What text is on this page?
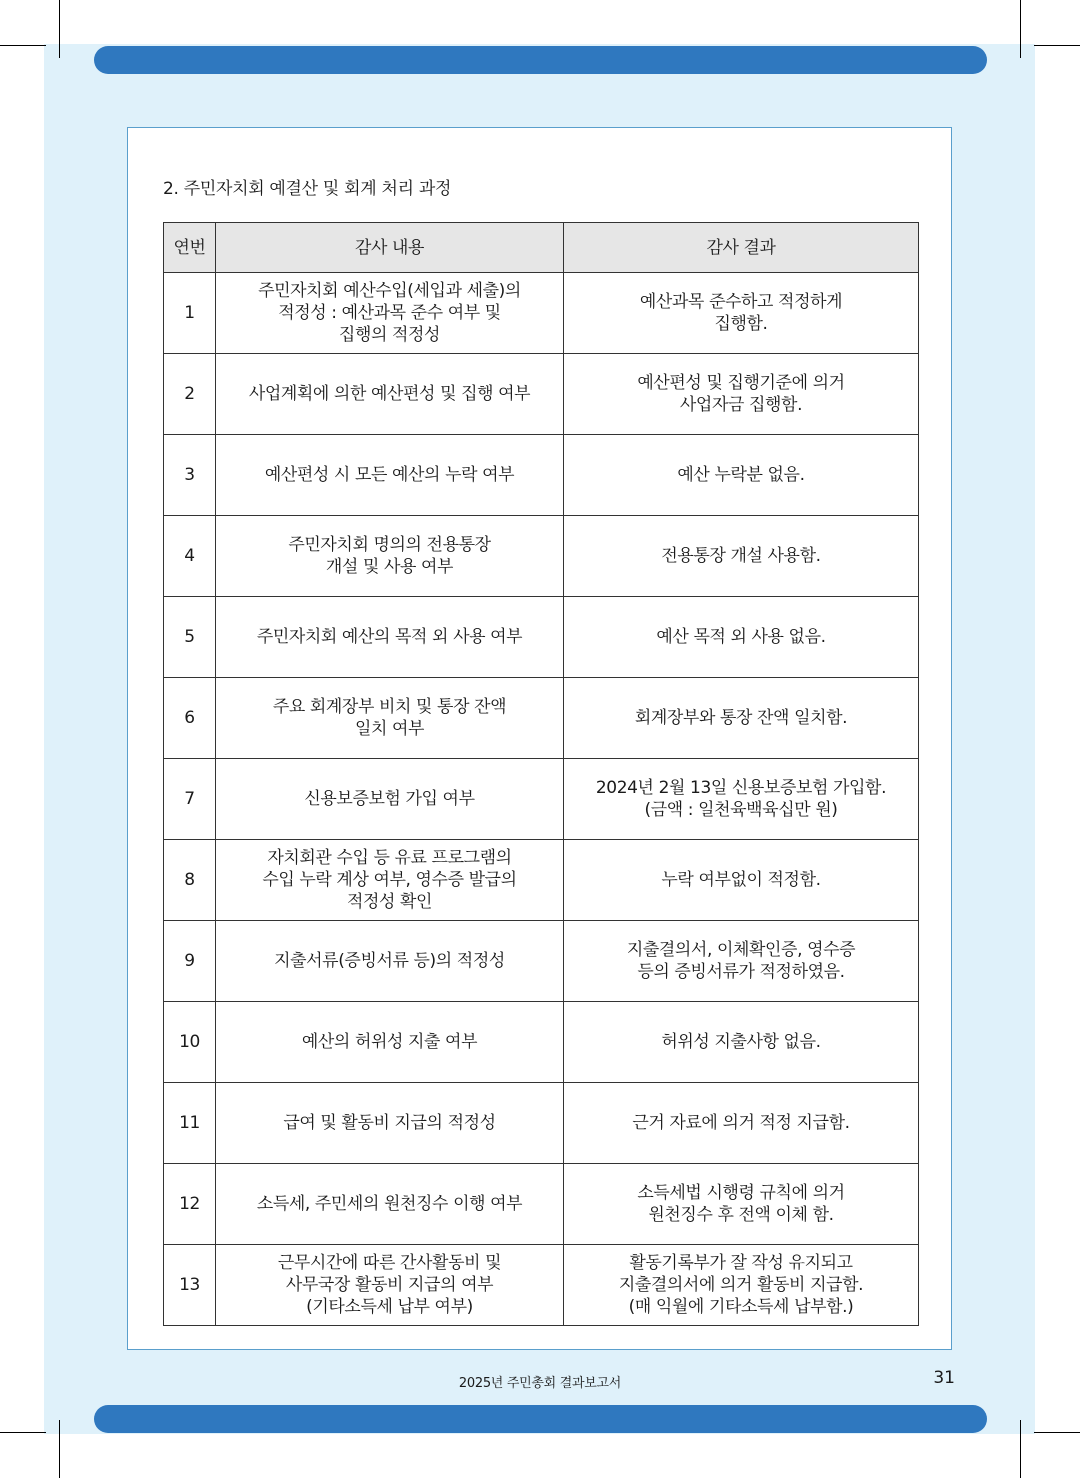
2. 주민자치회 예결산 및 회계 처리 과정
연번	감사 내용	감사 결과
1	주민자치회 예산수입(세입과 세출)의
적정성 : 예산과목 준수 여부 및
집행의 적정성	예산과목 준수하고 적정하게
집행함.
2	사업계획에 의한 예산편성 및 집행 여부	예산편성 및 집행기준에 의거
사업자금 집행함.
3	예산편성 시 모든 예산의 누락 여부	예산 누락분 없음.
4	주민자치회 명의의 전용통장
개설 및 사용 여부	전용통장 개설 사용함.
5	주민자치회 예산의 목적 외 사용 여부	예산 목적 외 사용 없음.
6	주요 회계장부 비치 및 통장 잔액
일치 여부	회계장부와 통장 잔액 일치함.
7	신용보증보험 가입 여부	2024년 2월 13일 신용보증보험 가입함.
(금액 : 일천육백육십만 원)
8	자치회관 수입 등 유료 프로그램의
수입 누락 계상 여부, 영수증 발급의
적정성 확인	누락 여부없이 적정함.
9	지출서류(증빙서류 등)의 적정성	지출결의서, 이체확인증, 영수증
등의 증빙서류가 적정하였음.
10	예산의 허위성 지출 여부	허위성 지출사항 없음.
11	급여 및 활동비 지급의 적정성	근거 자료에 의거 적정 지급함.
12	소득세, 주민세의 원천징수 이행 여부	소득세법 시행령 규칙에 의거
원천징수 후 전액 이체 함.
13	근무시간에 따른 간사활동비 및
사무국장 활동비 지급의 여부
(기타소득세 납부 여부)	활동기록부가 잘 작성 유지되고
지출결의서에 의거 활동비 지급함.
(매 익월에 기타소득세 납부함.)
2025년 주민총회 결과보고서	31
